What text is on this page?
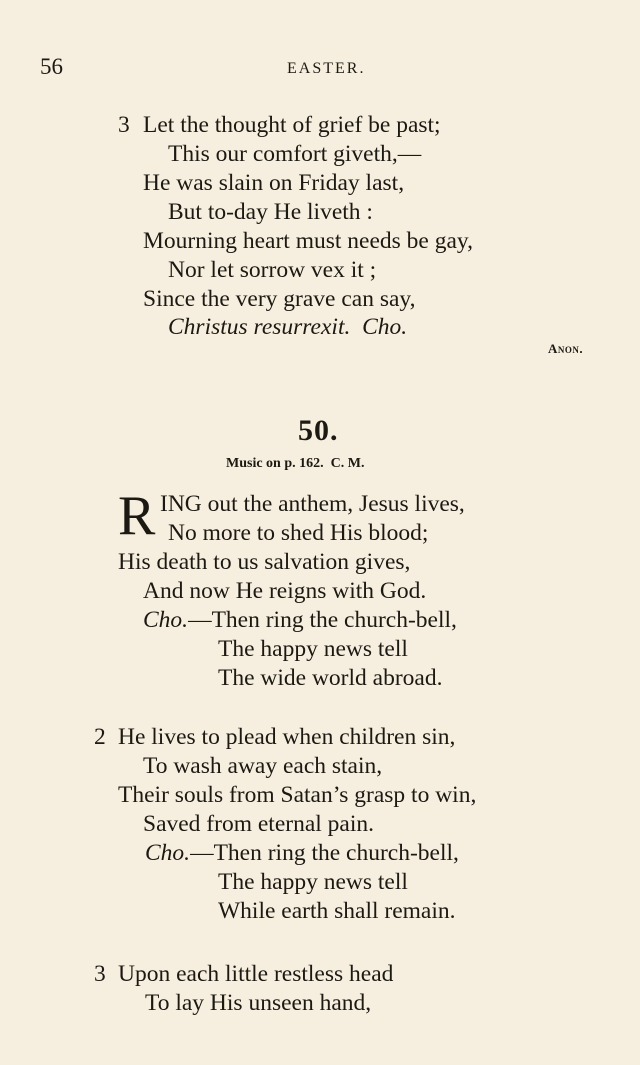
56	EASTER.
3 Let the thought of grief be past;
This our comfort giveth,—
He was slain on Friday last,
But to-day He liveth :
Mourning heart must needs be gay,
Nor let sorrow vex it ;
Since the very grave can say,
Christus resurrexit. Cho.
Anon.
50.
Music on p. 162. C. M.
R ING out the anthem, Jesus lives,
No more to shed His blood;
His death to us salvation gives,
And now He reigns with God.
Cho.—Then ring the church-bell,
The happy news tell
The wide world abroad.
2 He lives to plead when children sin,
To wash away each stain,
Their souls from Satan’s grasp to win,
Saved from eternal pain.
Cho.—Then ring the church-bell,
The happy news tell
While earth shall remain.
3 Upon each little restless head
To lay His unseen hand,
